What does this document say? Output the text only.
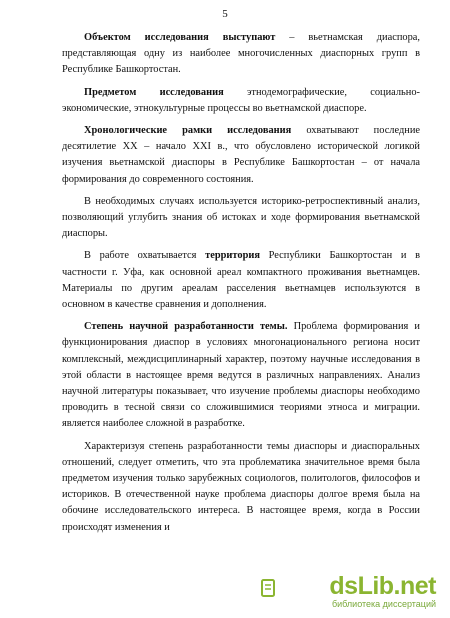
5

Объектом исследования выступают – вьетнамская диаспора, представляющая одну из наиболее многочисленных диаспорных групп в Республике Башкортостан.

Предметом исследования этнодемографические, социально-экономические, этнокультурные процессы во вьетнамской диаспоре.

Хронологические рамки исследования охватывают последние десятилетие XX – начало XXI в., что обусловлено исторической логикой изучения вьетнамской диаспоры в Республике Башкортостан – от начала формирования до современного состояния.

В необходимых случаях используется историко-ретроспективный анализ, позволяющий углубить знания об истоках и ходе формирования вьетнамской диаспоры.

В работе охватывается территория Республики Башкортостан и в частности г. Уфа, как основной ареал компактного проживания вьетнамцев. Материалы по другим ареалам расселения вьетнамцев используются в основном в качестве сравнения и дополнения.

Степень научной разработанности темы. Проблема формирования и функционирования диаспор в условиях многонационального региона носит комплексный, междисциплинарный характер, поэтому научные исследования в этой области в настоящее время ведутся в различных направлениях. Анализ научной литературы показывает, что изучение проблемы диаспоры необходимо проводить в тесной связи со сложившимися теориями этноса и миграции. является наиболее сложной в разработке.

Характеризуя степень разработанности темы диаспоры и диаспоральных отношений, следует отметить, что эта проблематика значительное время была предметом изучения только зарубежных социологов, политологов, философов и историков. В отечественной науке проблема диаспоры долгое время была на обочине исследовательского интереса. В настоящее время, когда в России происходят изменения и

dsLib.net
библиотека диссертаций
